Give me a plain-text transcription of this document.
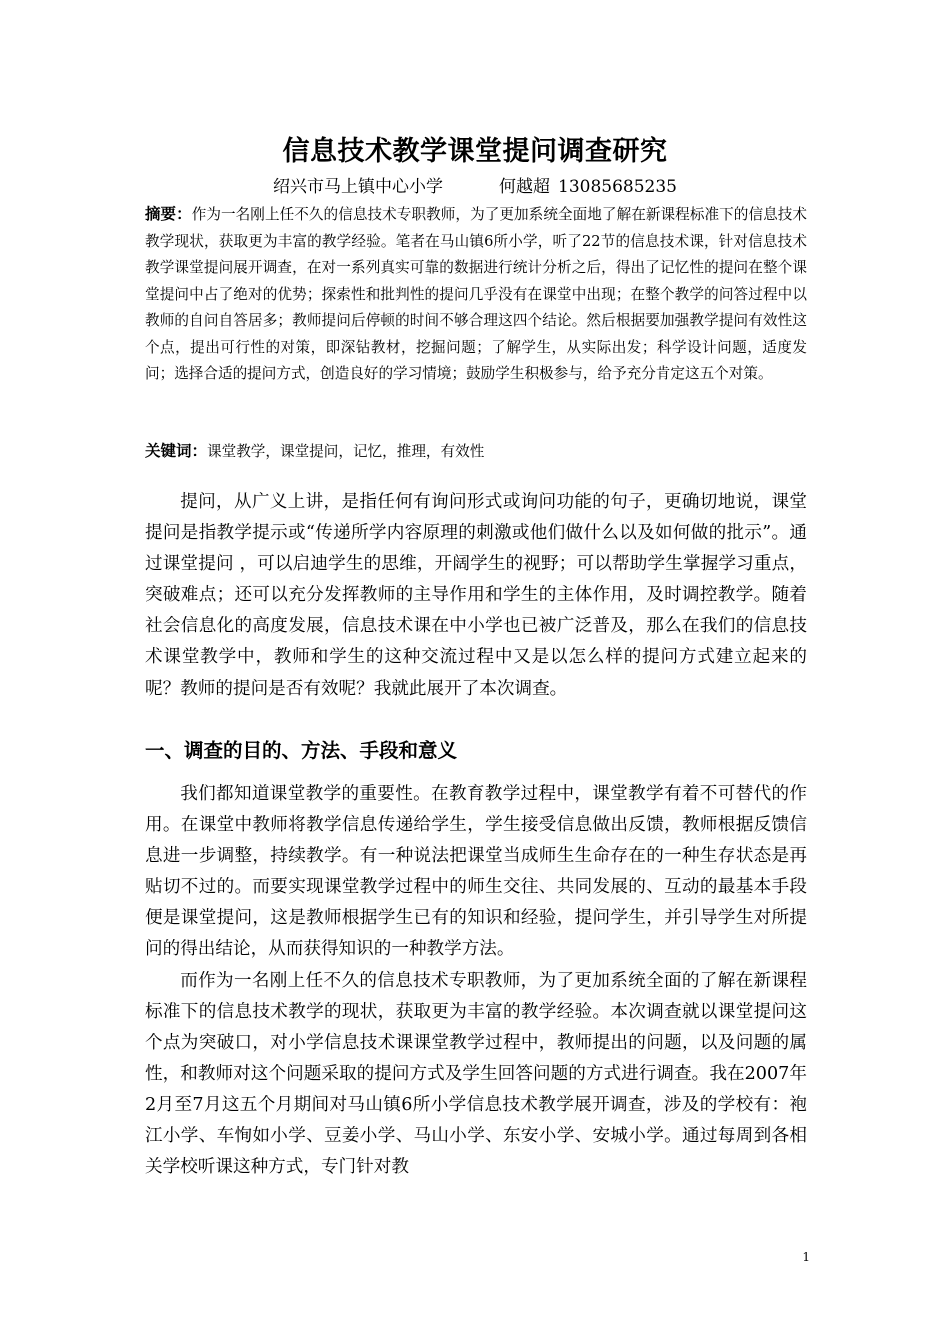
信息技术教学课堂提问调查研究
绍兴市马上镇中心小学	何越超 13085685235
摘要：作为一名刚上任不久的信息技术专职教师，为了更加系统全面地了解在新课程标准下的信息技术教学现状，获取更为丰富的教学经验。笔者在马山镇6所小学，听了22节的信息技术课，针对信息技术教学课堂提问展开调查，在对一系列真实可靠的数据进行统计分析之后，得出了记忆性的提问在整个课堂提问中占了绝对的优势；探索性和批判性的提问几乎没有在课堂中出现；在整个教学的问答过程中以教师的自问自答居多；教师提问后停顿的时间不够合理这四个结论。然后根据要加强教学提问有效性这个点，提出可行性的对策，即深钻教材，挖掘问题；了解学生，从实际出发；科学设计问题，适度发问；选择合适的提问方式，创造良好的学习情境；鼓励学生积极参与，给予充分肯定这五个对策。
关键词：课堂教学，课堂提问，记忆，推理，有效性

提问，从广义上讲，是指任何有询问形式或询问功能的句子，更确切地说，课堂提问是指教学提示或“传递所学内容原理的刺激或他们做什么以及如何做的批示”。通过课堂提问 ，可以启迪学生的思维，开阔学生的视野；可以帮助学生掌握学习重点，突破难点；还可以充分发挥教师的主导作用和学生的主体作用，及时调控教学。随着社会信息化的高度发展，信息技术课在中小学也已被广泛普及，那么在我们的信息技术课堂教学中，教师和学生的这种交流过程中又是以怎么样的提问方式建立起来的呢？教师的提问是否有效呢？我就此展开了本次调查。

一、调查的目的、方法、手段和意义

我们都知道课堂教学的重要性。在教育教学过程中，课堂教学有着不可替代的作用。在课堂中教师将教学信息传递给学生，学生接受信息做出反馈，教师根据反馈信息进一步调整，持续教学。有一种说法把课堂当成师生生命存在的一种生存状态是再贴切不过的。而要实现课堂教学过程中的师生交往、共同发展的、互动的最基本手段便是课堂提问，这是教师根据学生已有的知识和经验，提问学生，并引导学生对所提问的得出结论，从而获得知识的一种教学方法。

而作为一名刚上任不久的信息技术专职教师，为了更加系统全面的了解在新课程标准下的信息技术教学的现状，获取更为丰富的教学经验。本次调查就以课堂提问这个点为突破口，对小学信息技术课课堂教学过程中，教师提出的问题，以及问题的属性，和教师对这个问题采取的提问方式及学生回答问题的方式进行调查。我在2007年2月至7月这五个月期间对马山镇6所小学信息技术教学展开调查，涉及的学校有：袍江小学、车恂如小学、豆姜小学、马山小学、东安小学、安城小学。通过每周到各相关学校听课这种方式，专门针对教

1
